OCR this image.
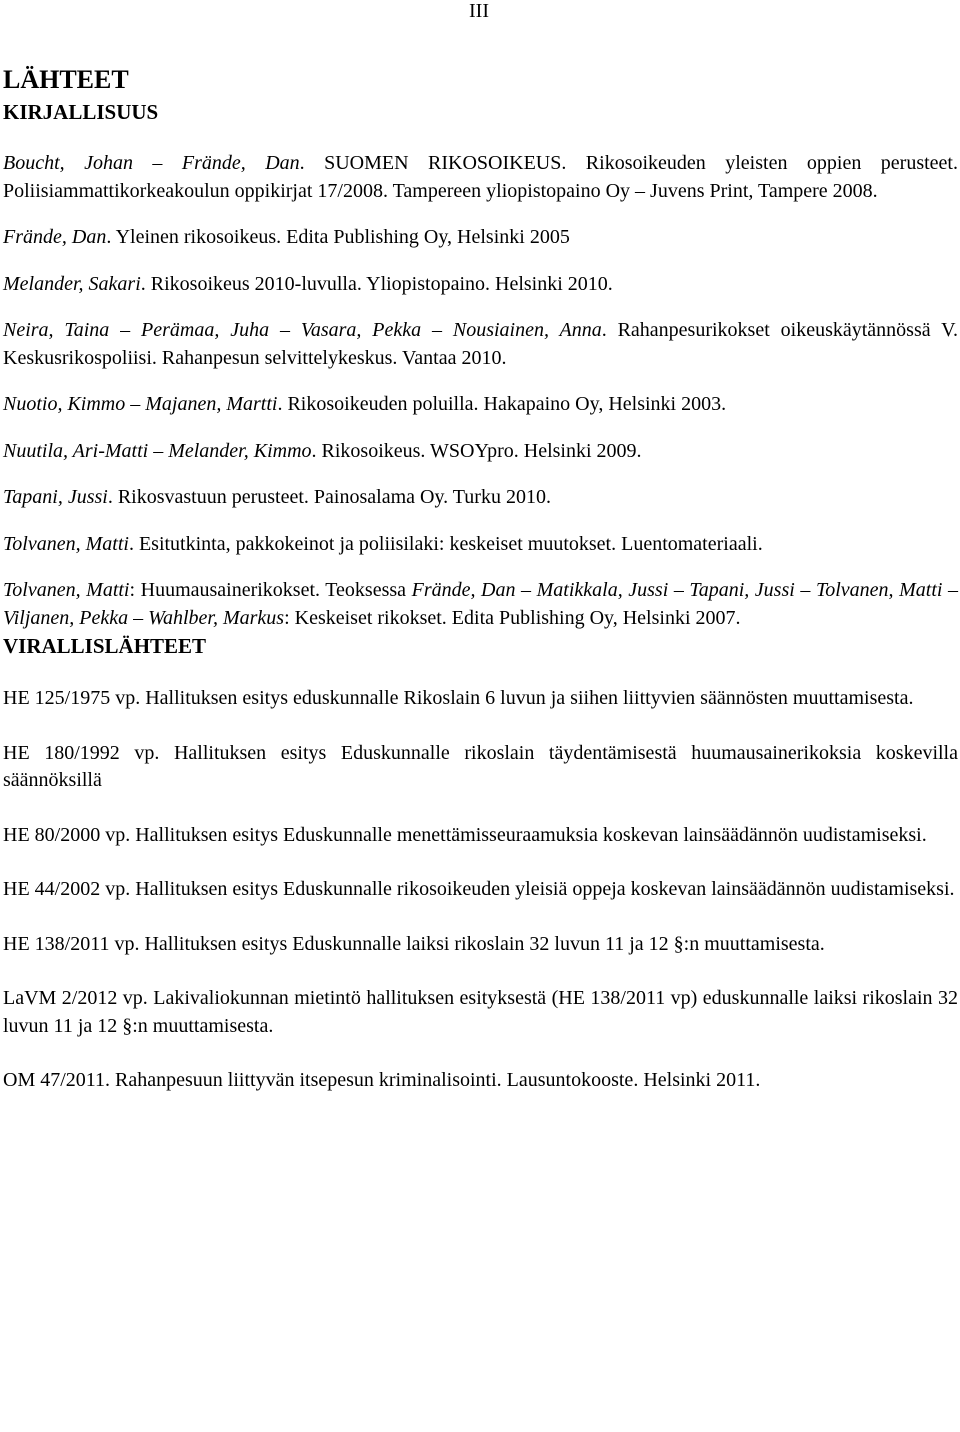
III
LÄHTEET
KIRJALLISUUS

Boucht, Johan – Frände, Dan. SUOMEN RIKOSOIKEUS. Rikosoikeuden yleisten oppien perusteet. Poliisiammattikorkeakoulun oppikirjat 17/2008. Tampereen yliopistopaino Oy – Juvens Print, Tampere 2008.

Frände, Dan. Yleinen rikosoikeus. Edita Publishing Oy, Helsinki 2005

Melander, Sakari. Rikosoikeus 2010-luvulla. Yliopistopaino. Helsinki 2010.

Neira, Taina – Perämaa, Juha – Vasara, Pekka – Nousiainen, Anna. Rahanpesurikokset oikeuskäytännössä V. Keskusrikospoliisi. Rahanpesun selvittelykeskus. Vantaa 2010.

Nuotio, Kimmo – Majanen, Martti. Rikosoikeuden poluilla. Hakapaino Oy, Helsinki 2003.

Nuutila, Ari-Matti – Melander, Kimmo. Rikosoikeus. WSOYpro. Helsinki 2009.

Tapani, Jussi. Rikosvastuun perusteet. Painosalama Oy. Turku 2010.

Tolvanen, Matti. Esitutkinta, pakkokeinot ja poliisilaki: keskeiset muutokset. Luentomateriaali.

Tolvanen, Matti: Huumausainerikokset. Teoksessa Frände, Dan – Matikkala, Jussi – Tapani, Jussi – Tolvanen, Matti – Viljanen, Pekka – Wahlber, Markus: Keskeiset rikokset. Edita Publishing Oy, Helsinki 2007.

VIRALLISLÄHTEET

HE 125/1975 vp. Hallituksen esitys eduskunnalle Rikoslain 6 luvun ja siihen liittyvien säännösten muuttamisesta.

HE 180/1992 vp. Hallituksen esitys Eduskunnalle rikoslain täydentämisestä huumausainerikoksia koskevilla säännöksillä

HE 80/2000 vp. Hallituksen esitys Eduskunnalle menettämisseuraamuksia koskevan lainsäädännön uudistamiseksi.

HE 44/2002 vp. Hallituksen esitys Eduskunnalle rikosoikeuden yleisiä oppeja koskevan lainsäädännön uudistamiseksi.

HE 138/2011 vp. Hallituksen esitys Eduskunnalle laiksi rikoslain 32 luvun 11 ja 12 §:n muuttamisesta.

LaVM 2/2012 vp. Lakivaliokunnan mietintö hallituksen esityksestä (HE 138/2011 vp) eduskunnalle laiksi rikoslain 32 luvun 11 ja 12 §:n muuttamisesta.

OM 47/2011. Rahanpesuun liittyvän itsepesun kriminalisointi. Lausuntokooste. Helsinki 2011.
